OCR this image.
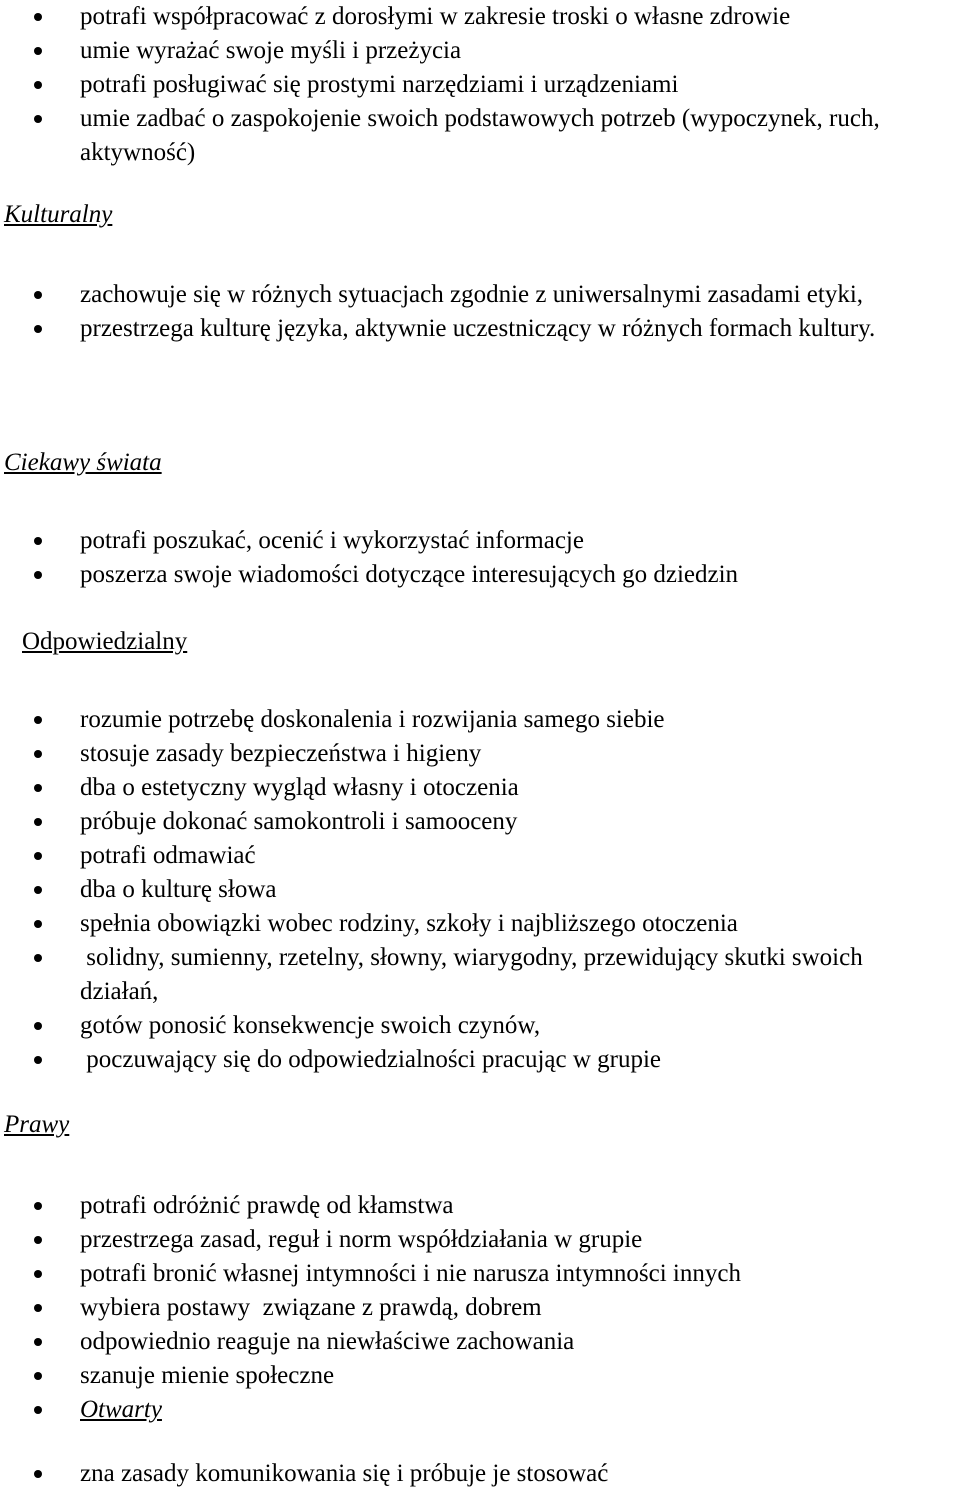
potrafi współpracować z dorosłymi w zakresie troski o własne zdrowie
umie wyrażać swoje myśli i przeżycia
potrafi posługiwać się prostymi narzędziami i urządzeniami
umie zadbać o zaspokojenie swoich podstawowych potrzeb (wypoczynek, ruch, aktywność)
Kulturalny
zachowuje się w różnych sytuacjach zgodnie z uniwersalnymi zasadami etyki,
przestrzega kulturę języka, aktywnie uczestniczący w różnych formach kultury.
Ciekawy świata
potrafi poszukać, ocenić i wykorzystać informacje
poszerza swoje wiadomości dotyczące interesujących go dziedzin
Odpowiedzialny
rozumie potrzebę doskonalenia i rozwijania samego siebie
stosuje zasady bezpieczeństwa i higieny
dba o estetyczny wygląd własny i otoczenia
próbuje dokonać samokontroli i samooceny
potrafi odmawiać
dba o kulturę słowa
spełnia obowiązki wobec rodziny, szkoły i najbliższego otoczenia
solidny, sumienny, rzetelny, słowny, wiarygodny, przewidujący skutki swoich działań,
gotów ponosić konsekwencje swoich czynów,
poczuwający się do odpowiedzialności pracując w grupie
Prawy
potrafi odróżnić prawdę od kłamstwa
przestrzega zasad, reguł i norm współdziałania w grupie
potrafi bronić własnej intymności i nie narusza intymności innych
wybiera postawy  związane z prawdą, dobrem
odpowiednio reaguje na niewłaściwe zachowania
szanuje mienie społeczne
Otwarty
zna zasady komunikowania się i próbuje je stosować
